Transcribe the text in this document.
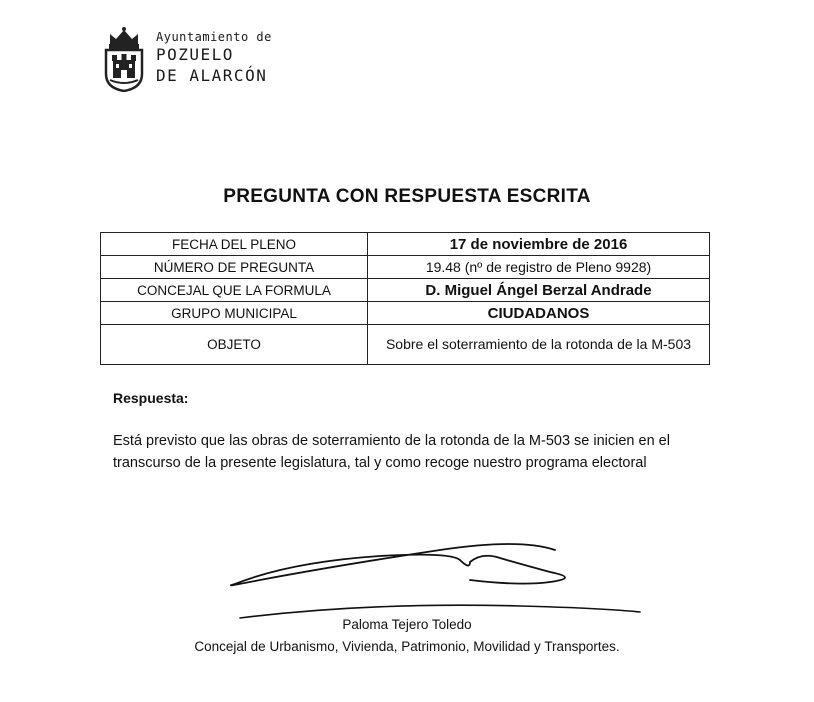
Ayuntamiento de
POZUELO
DE ALARCÓN
PREGUNTA CON RESPUESTA ESCRITA
FECHA DEL PLENO	17 de noviembre de 2016
NÚMERO DE PREGUNTA	19.48 (nº de registro de Pleno 9928)
CONCEJAL QUE LA FORMULA	D. Miguel Ángel Berzal Andrade
GRUPO MUNICIPAL	CIUDADANOS
OBJETO	Sobre el soterramiento de la rotonda de la M-503
Respuesta:
Está previsto que las obras de soterramiento de la rotonda de la M-503 se inicien en el transcurso de la presente legislatura, tal y como recoge nuestro programa electoral
Paloma Tejero Toledo
Concejal de Urbanismo, Vivienda, Patrimonio, Movilidad y Transportes.
